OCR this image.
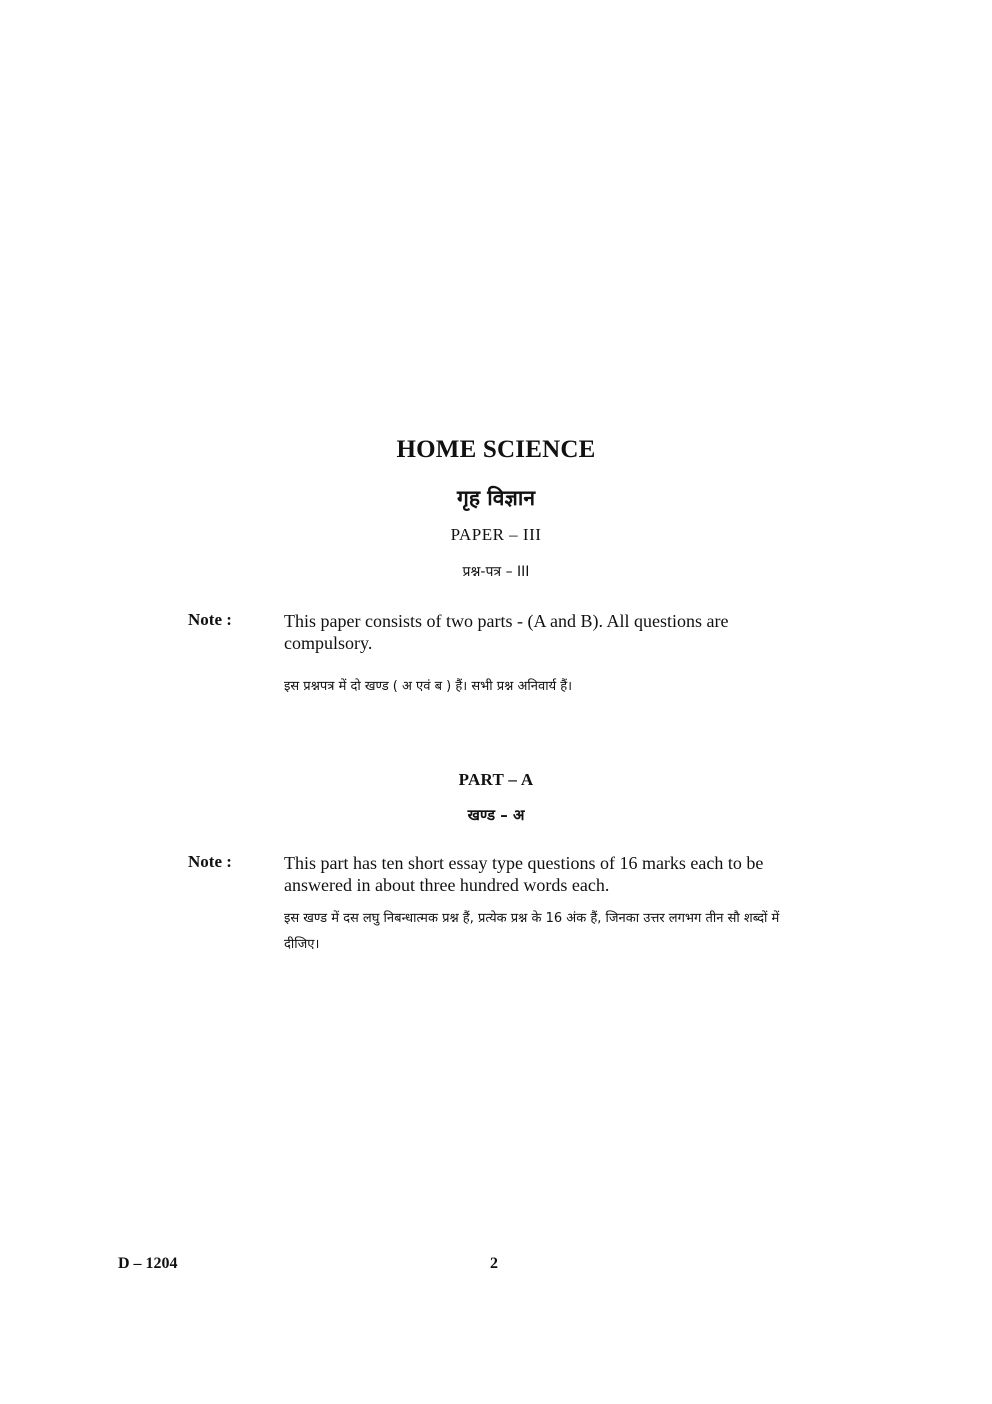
HOME SCIENCE
गृह विज्ञान
PAPER – III
प्रश्न-पत्र – III
Note :	This paper consists of two parts - (A and B). All questions are compulsory.
इस प्रश्नपत्र में दो खण्ड ( अ एवं ब ) हैं। सभी प्रश्न अनिवार्य हैं।
PART – A
खण्ड – अ
Note :	This part has ten short essay type questions of 16 marks each to be answered in about three hundred words each.
इस खण्ड में दस लघु निबन्धात्मक प्रश्न हैं, प्रत्येक प्रश्न के 16 अंक हैं, जिनका उत्तर लगभग तीन सौ शब्दों में दीजिए।
D – 1204	2
